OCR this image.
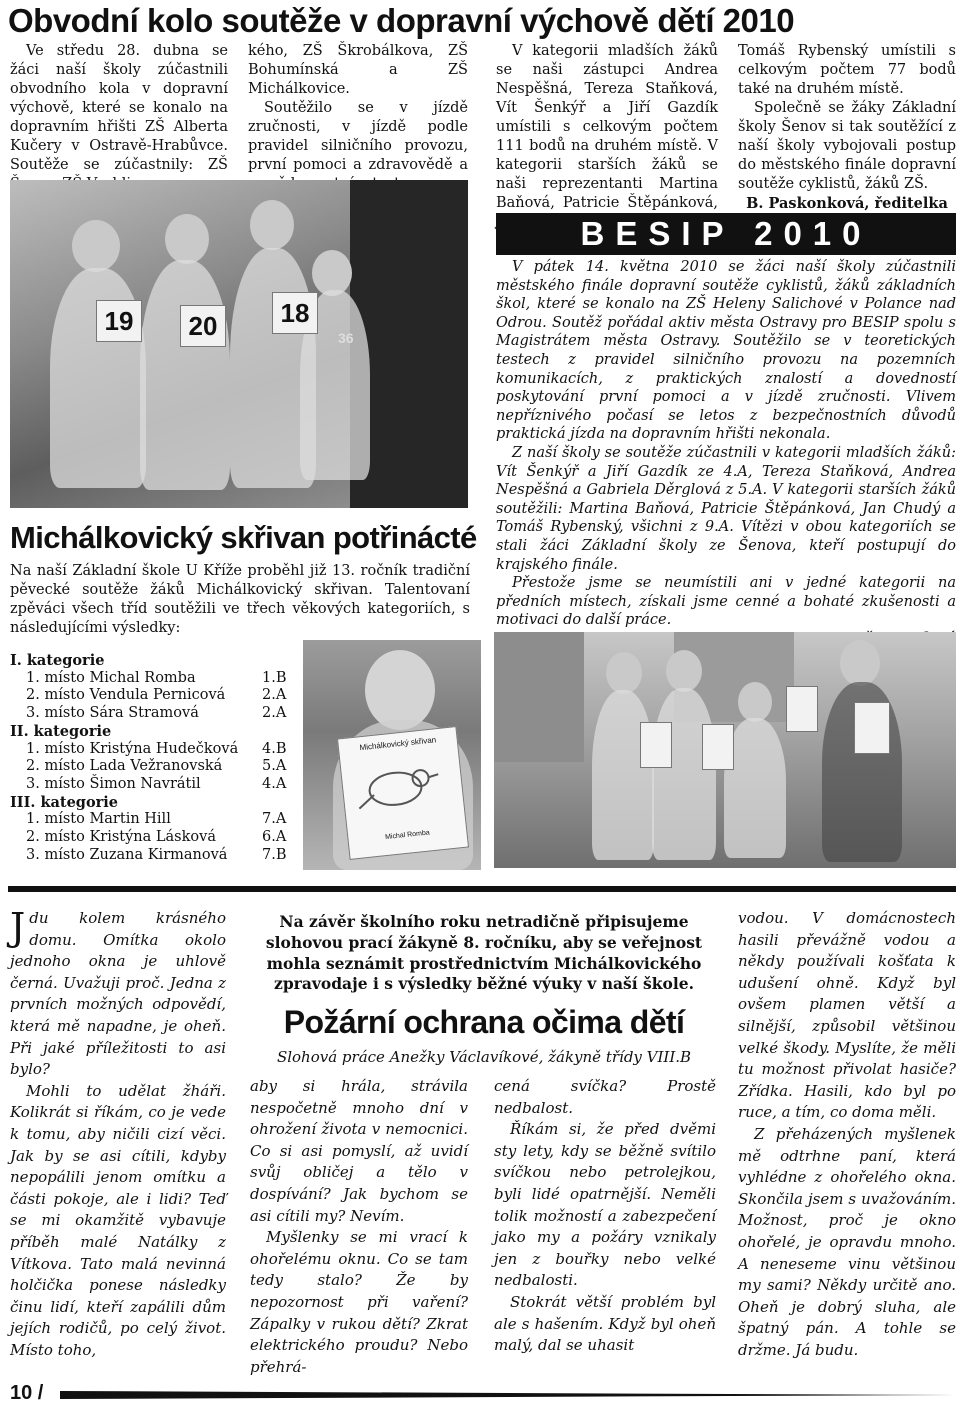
Obvodní kolo soutěže v dopravní výchově dětí 2010

Ve středu 28. dubna se žáci naší školy zúčastnili obvodního kola v dopravní výchově, které se konalo na dopravním hřišti ZŠ Alberta Kučery v Ostravě-Hrabůvce. Soutěže se zúčastnily: ZŠ

kého, ZŠ Škrobálkova, ZŠ Bohumínská a ZŠ Michálkovice.

Soutěžilo se v jízdě zručnosti, v jízdě podle pravidel silničního provozu, první pomoci a zdravovědě a

V kategorii mladších žáků se naši zástupci Andrea Nespěšná, Tereza Staňková, Vít Šenkýř a Jiří Gazdík umístili s celkovým počtem 111 bodů na druhém místě. V kategorii starších žáků se naši reprezentanti Martina Baňová, Patricie Štěpánková,

Tomáš Rybenský umístili s celkovým počtem 77 bodů také na druhém místě.

Společně se žáky Základní školy Šenov si tak soutěžící z naší školy vybojovali postup do městského finále dopravní soutěže cyklistů, žáků ZŠ.

B. Paskonková, ředitelka

19	20	18
36
BESIP 2010

V pátek 14. května 2010 se žáci naší školy zúčastnili městského finále dopravní soutěže cyklistů, žáků základních škol, které se konalo na ZŠ Heleny Salichové v Polance nad Odrou. Soutěž pořádal aktiv města Ostravy pro BESIP spolu s Magistrátem města Ostravy. Soutěžilo se v teoretických testech z pravidel silničního provozu na pozemních komunikacích, z praktických znalostí a dovedností poskytování první pomoci a v jízdě zručnosti. Vlivem nepříznivého počasí se letos z bezpečnostních důvodů praktická jízda na dopravním hřišti nekonala.

Z naší školy se soutěže zúčastnili v kategorii mladších žáků: Vít Šenkýř a Jiří Gazdík ze 4.A, Tereza Staňková, Andrea Nespěšná a Gabriela Děrglová z 5.A. V kategorii starších žáků soutěžili: Martina Baňová, Patricie Štěpánková, Jan Chudý a Tomáš Rybenský, všichni z 9.A. Vítězi v obou kategoriích se stali žáci Základní školy ze Šenova, kteří postupují do krajského finále.

Přestože jsme se neumístili ani v jedné kategorii na předních místech, získali jsme cenné a bohaté zkušenosti a motivaci do další práce.

Michálkovický skřivan potřinácté

Na naší Základní škole U Kříže proběhl již 13. ročník tradiční pěvecké soutěže žáků Michálkovický skřivan. Talentovaní zpěváci všech tříd soutěžili ve třech věkových kategoriích, s následujícími výsledky:

I. kategorie
1. místo Michal Romba	1.B
2. místo Vendula Pernicová	2.A
3. místo Sára Stramová	2.A
II. kategorie
1. místo Kristýna Hudečková	4.B
2. místo Lada Vežranovská	5.A
3. místo Šimon Navrátil	4.A
III. kategorie
1. místo Martin Hill	7.A
2. místo Kristýna Lásková	6.A
3. místo Zuzana Kirmanová	7.B
Michálkovický skřivan
Michal Romba

Jdu kolem krásného domu. Omítka okolo jednoho okna je uhlově černá. Uvažuji proč. Jedna z prvních možných odpovědí, která mě napadne, je oheň. Při jaké příležitosti to asi bylo?

Mohli to udělat žháři. Kolikrát si říkám, co je vede k tomu, aby ničili cizí věci. Jak by se asi cítili, kdyby nepopálili jenom omítku a části pokoje, ale i lidi? Teď se mi okamžitě vybavuje příběh malé Natálky z Vítkova. Tato malá nevinná holčička ponese následky činu lidí, kteří zapálili dům jejích rodičů, po celý život. Místo toho,

Na závěr školního roku netradičně připisujeme slohovou prací žákyně 8. ročníku, aby se veřejnost mohla seznámit prostřednictvím Michálkovického zpravodaje i s výsledky běžné výuky v naší škole.
Požární ochrana očima dětí
Slohová práce Anežky Václavíkové, žákyně třídy VIII.B

aby si hrála, strávila nespočetně mnoho dní v ohrožení života v nemocnici. Co si asi pomyslí, až uvidí svůj obličej a tělo v dospívání? Jak bychom se asi cítili my? Nevím.

Myšlenky se mi vrací k ohořelému oknu. Co se tam tedy stalo? Že by nepozornost při vaření? Zápalky v rukou dětí? Zkrat elektrického proudu? Nebo přehrá-

cená svíčka? Prostě nedbalost.

Říkám si, že před dvěmi sty lety, kdy se běžně svítilo svíčkou nebo petrolejkou, byli lidé opatrnější. Neměli tolik možností a zabezpečení jako my a požáry vznikaly jen z bouřky nebo velké nedbalosti.

Stokrát větší problém byl ale s hašením. Když byl oheň malý, dal se uhasit

vodou. V domácnostech hasili převážně vodou a někdy používali košťata k udušení ohně. Když byl ovšem plamen větší a silnější, způsobil většinou velké škody. Myslíte, že měli tu možnost přivolat hasiče? Zřídka. Hasili, kdo byl po ruce, a tím, co doma měli.

Z přeházených myšlenek mě odtrhne paní, která vyhlédne z ohořelého okna. Skončila jsem s uvažováním. Možnost, proč je okno ohořelé, je opravdu mnoho. A neneseme vinu většinou my sami? Někdy určitě ano. Oheň je dobrý sluha, ale špatný pán. A tohle se držme. Já budu.

10 /
